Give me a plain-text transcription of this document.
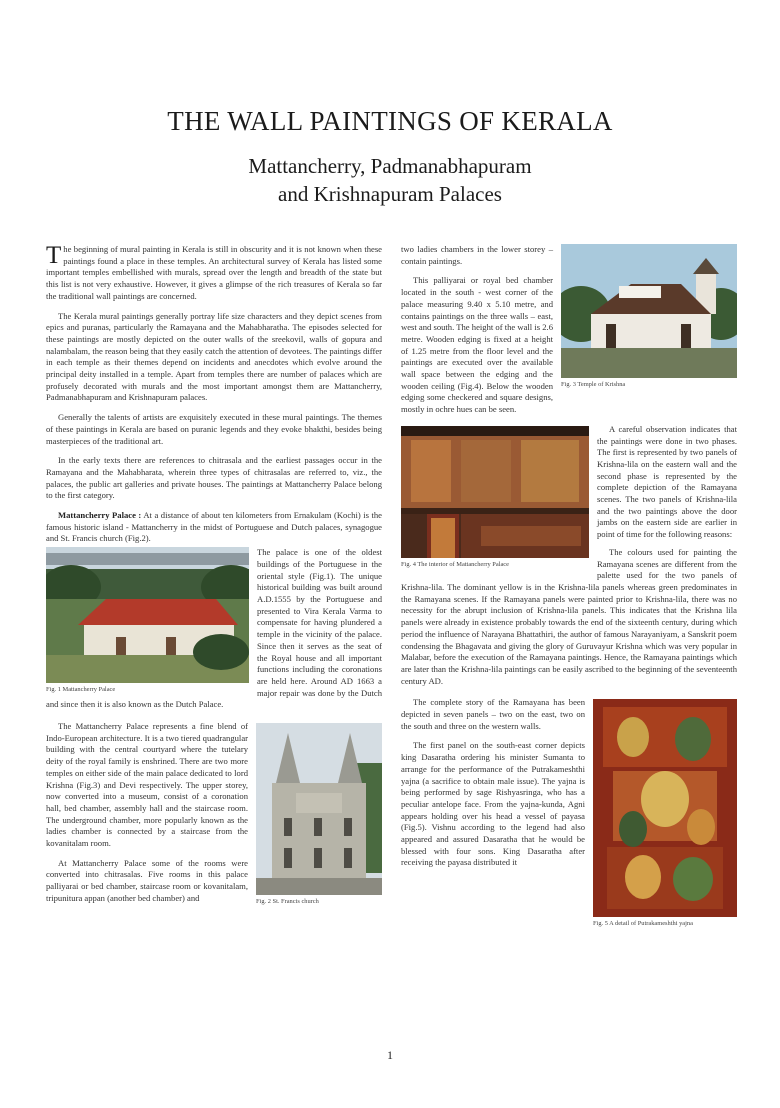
THE WALL PAINTINGS OF KERALA
Mattancherry, Padmanabhapuram
and Krishnapuram Palaces

The beginning of mural painting in Kerala is still in obscurity and it is not known when these paintings found a place in these temples. An architectural survey of Kerala has listed some important temples embellished with murals, spread over the length and breadth of the state but this list is not very exhaustive. However, it gives a glimpse of the rich treasures of Kerala so far the traditional wall paintings are concerned.

The Kerala mural paintings generally portray life size characters and they depict scenes from epics and puranas, particularly the Ramayana and the Mahabharatha. The episodes selected for these paintings are mostly depicted on the outer walls of the sreekovil, walls of gopura and nalambalam, the reason being that they easily catch the attention of devotees. The paintings differ in each temple as their themes depend on incidents and anecdotes which evolve around the principal deity installed in a temple. Apart from temples there are number of palaces which are profusely decorated with murals and the most important amongst them are Mattancherry, Padmanabhapuram and Krishnapuram palaces.

Generally the talents of artists are exquisitely executed in these mural paintings. The themes of these paintings in Kerala are based on puranic legends and they evoke bhakthi, besides being masterpieces of the traditional art.

In the early texts there are references to chitrasala and the earliest passages occur in the Ramayana and the Mahabharata, wherein three types of chitrasalas are referred to, viz., the palaces, the public art galleries and private houses. The paintings at Mattancherry Palace belong to the first category.

Mattancherry Palace : At a distance of about ten kilometers from Ernakulam (Kochi) is the famous historic island - Mattancherry in the midst of Portuguese and Dutch palaces, synagogue and St. Francis church (Fig.2).

Fig. 1 Mattancherry Palace

The palace is one of the oldest buildings of the Portuguese in the oriental style (Fig.1). The unique historical building was built around A.D.1555 by the Portuguese and presented to Vira Kerala Varma to compensate for having plundered a temple in the vicinity of the palace. Since then it serves as the seat of the Royal house and all important functions including the coronations are held here. Around AD 1663 a major repair was done by the Dutch and since then it is also known as the Dutch Palace.

Fig. 2 St. Francis church
The Mattancherry Palace represents a fine blend of Indo-European architecture. It is a two tiered quadrangular building with the central courtyard where the tutelary deity of the royal family is enshrined. There are two more temples on either side of the main palace dedicated to lord Krishna (Fig.3) and Devi respectively. The upper storey, now converted into a museum, consist of a coronation hall, bed chamber, assembly hall and the staircase room. The underground chamber, more popularly known as the ladies chamber is connected by a staircase from the kovanitalam room.

At Mattancherry Palace some of the rooms were converted into chitrasalas. Five rooms in this palace palliyarai or bed chamber, staircase room or kovanitalam, tripunitura appan (another bed chamber) and

Fig. 3 Temple of Krishna

two ladies chambers in the lower storey – contain paintings.

This palliyarai or royal bed chamber located in the south - west corner of the palace measuring 9.40 x 5.10 metre, and contains paintings on the three walls – east, west and south. The height of the wall is 2.6 metre. Wooden edging is fixed at a height of 1.25 metre from the floor level and the paintings are executed over the available wall space between the edging and the wooden ceiling (Fig.4). Below the wooden edging some checkered and square designs, mostly in ochre hues can be seen.

Fig. 4 The interior of Mattancherry Palace
A careful observation indicates that the paintings were done in two phases. The first is represented by two panels of Krishna-lila on the eastern wall and the second phase is represented by the complete depiction of the Ramayana scenes. The two panels of Krishna-lila and the two paintings above the door jambs on the eastern side are earlier in point of time for the following reasons:

The colours used for painting the Ramayana scenes are different from the palette used for the two panels of Krishna-lila. The dominant yellow is in the Krishna-lila panels whereas green predominates in the Ramayana scenes. If the Ramayana panels were painted prior to Krishna-lila, there was no necessity for the abrupt inclusion of Krishna-lila panels. This indicates that the Krishna lila panels were already in existence probably towards the end of the sixteenth century, during which period the influence of Narayana Bhattathiri, the author of famous Narayaniyam, a Sanskrit poem condensing the Bhagavata and giving the glory of Guruvayur Krishna which was very popular in Malabar, before the execution of the Ramayana paintings. Hence, the Ramayana paintings which are later than the Krishna-lila paintings can be easily ascribed to the beginning of the seventeenth century AD.

Fig. 5 A detail of Putrakameshthi yajna
The complete story of the Ramayana has been depicted in seven panels – two on the east, two on the south and three on the western walls.

The first panel on the south-east corner depicts king Dasaratha ordering his minister Sumanta to arrange for the performance of the Putrakameshthi yajna (a sacrifice to obtain male issue). The yajna is being performed by sage Rishyasringa, who has a peculiar antelope face. From the yajna-kunda, Agni appears holding over his head a vessel of payasa (Fig.5). Vishnu according to the legend had also appeared and assured Dasaratha that he would be blessed with four sons. King Dasaratha after receiving the payasa distributed it

1
